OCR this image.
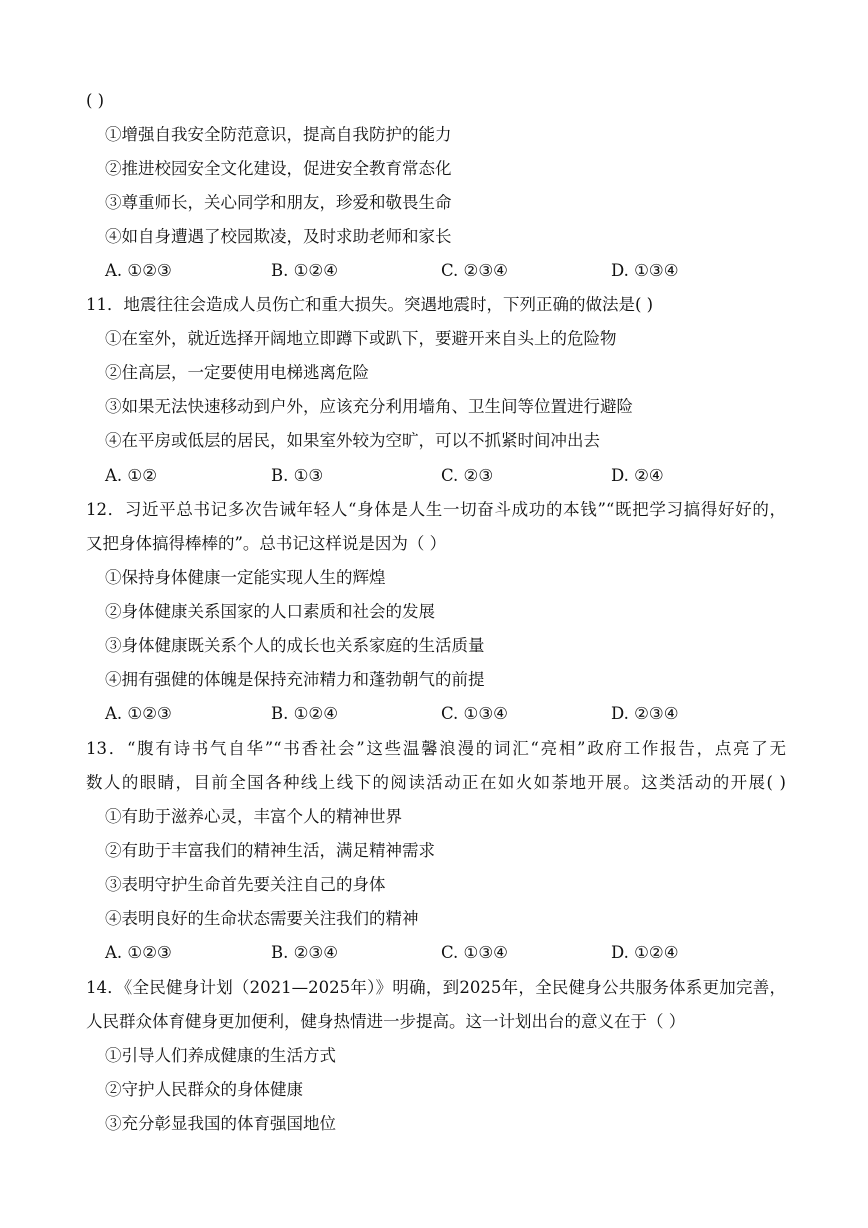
( )
①增强自我安全防范意识，提高自我防护的能力
②推进校园安全文化建设，促进安全教育常态化
③尊重师长，关心同学和朋友，珍爱和敬畏生命
④如自身遭遇了校园欺凌，及时求助老师和家长
A. ①②③	B. ①②④	C. ②③④	D. ①③④
11．地震往往会造成人员伤亡和重大损失。突遇地震时，下列正确的做法是( )
①在室外，就近选择开阔地立即蹲下或趴下，要避开来自头上的危险物
②住高层，一定要使用电梯逃离危险
③如果无法快速移动到户外，应该充分利用墙角、卫生间等位置进行避险
④在平房或低层的居民，如果室外较为空旷，可以不抓紧时间冲出去
A. ①②	B. ①③	C. ②③	D. ②④
12．习近平总书记多次告诫年轻人“身体是人生一切奋斗成功的本钱”“既把学习搞得好好的，
又把身体搞得棒棒的”。总书记这样说是因为（ ）
①保持身体健康一定能实现人生的辉煌
②身体健康关系国家的人口素质和社会的发展
③身体健康既关系个人的成长也关系家庭的生活质量
④拥有强健的体魄是保持充沛精力和蓬勃朝气的前提
A. ①②③	B. ①②④	C. ①③④	D. ②③④
13．“腹有诗书气自华”“书香社会”这些温馨浪漫的词汇“亮相”政府工作报告，点亮了无
数人的眼睛，目前全国各种线上线下的阅读活动正在如火如荼地开展。这类活动的开展( )
①有助于滋养心灵，丰富个人的精神世界
②有助于丰富我们的精神生活，满足精神需求
③表明守护生命首先要关注自己的身体
④表明良好的生命状态需要关注我们的精神
A. ①②③	B. ②③④	C. ①③④	D. ①②④
14．《全民健身计划（2021—2025年）》明确，到2025年，全民健身公共服务体系更加完善，
人民群众体育健身更加便利，健身热情进一步提高。这一计划出台的意义在于（ ）
①引导人们养成健康的生活方式
②守护人民群众的身体健康
③充分彰显我国的体育强国地位
